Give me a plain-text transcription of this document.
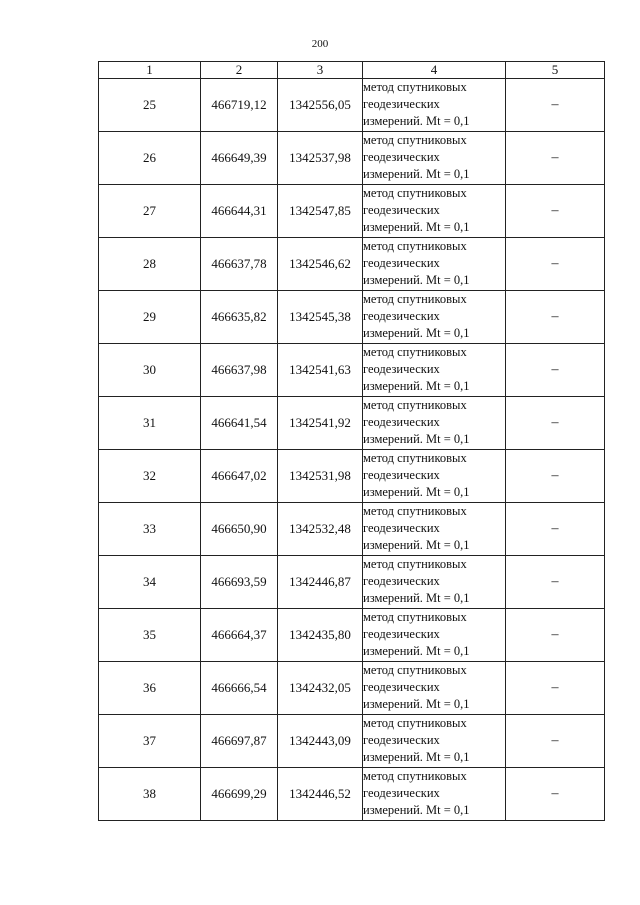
200
1	2	3	4	5
25	466719,12	1342556,05	метод спутниковых
геодезических
измерений. Mt = 0,1	–
26	466649,39	1342537,98	метод спутниковых
геодезических
измерений. Mt = 0,1	–
27	466644,31	1342547,85	метод спутниковых
геодезических
измерений. Mt = 0,1	–
28	466637,78	1342546,62	метод спутниковых
геодезических
измерений. Mt = 0,1	–
29	466635,82	1342545,38	метод спутниковых
геодезических
измерений. Mt = 0,1	–
30	466637,98	1342541,63	метод спутниковых
геодезических
измерений. Mt = 0,1	–
31	466641,54	1342541,92	метод спутниковых
геодезических
измерений. Mt = 0,1	–
32	466647,02	1342531,98	метод спутниковых
геодезических
измерений. Mt = 0,1	–
33	466650,90	1342532,48	метод спутниковых
геодезических
измерений. Mt = 0,1	–
34	466693,59	1342446,87	метод спутниковых
геодезических
измерений. Mt = 0,1	–
35	466664,37	1342435,80	метод спутниковых
геодезических
измерений. Mt = 0,1	–
36	466666,54	1342432,05	метод спутниковых
геодезических
измерений. Mt = 0,1	–
37	466697,87	1342443,09	метод спутниковых
геодезических
измерений. Mt = 0,1	–
38	466699,29	1342446,52	метод спутниковых
геодезических
измерений. Mt = 0,1	–
